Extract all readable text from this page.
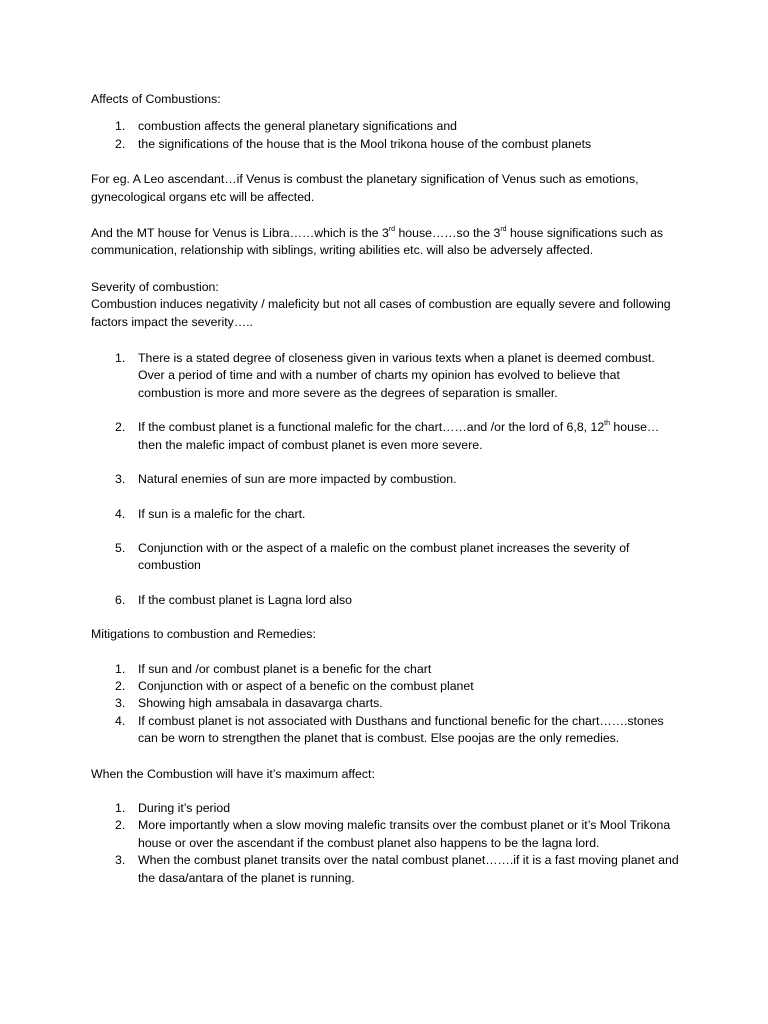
Affects of Combustions:

1. combustion affects the general planetary significations and
2. the significations of the house that is the Mool trikona house of the combust planets

For eg. A Leo ascendant…if Venus is combust the planetary signification of Venus such as emotions, gynecological organs etc will be affected.

And the MT house for Venus is Libra……which is the 3rd house……so the 3rd house significations such as communication, relationship with siblings, writing abilities etc. will also be adversely affected.

Severity of combustion:

Combustion induces negativity / maleficity but not all cases of combustion are equally severe and following factors impact the severity…..

1. There is a stated degree of closeness given in various texts when a planet is deemed combust.
Over a period of time and with a number of charts my opinion has evolved to believe that combustion is more and more severe as the degrees of separation is smaller.
2. If the combust planet is a functional malefic for the chart……and /or the lord of 6,8, 12th house…then the malefic impact of combust planet is even more severe.
3. Natural enemies of sun are more impacted by combustion.
4. If sun is a malefic for the chart.
5. Conjunction with or the aspect of a malefic on the combust planet increases the severity of combustion
6. If the combust planet is Lagna lord also

Mitigations to combustion and Remedies:

1. If sun and /or combust planet is a benefic for the chart
2. Conjunction with or aspect of a benefic on the combust planet
3. Showing high amsabala in dasavarga charts.
4. If combust planet is not associated with Dusthans and functional benefic for the chart…….stones can be worn to strengthen the planet that is combust. Else poojas are the only remedies.

When the Combustion will have it’s maximum affect:

1. During it’s period
2. More importantly when a slow moving malefic transits over the combust planet or it’s Mool Trikona house or over the ascendant if the combust planet also happens to be the lagna lord.
3. When the combust planet transits over the natal combust planet…….if it is a fast moving planet and the dasa/antara of the planet is running.
